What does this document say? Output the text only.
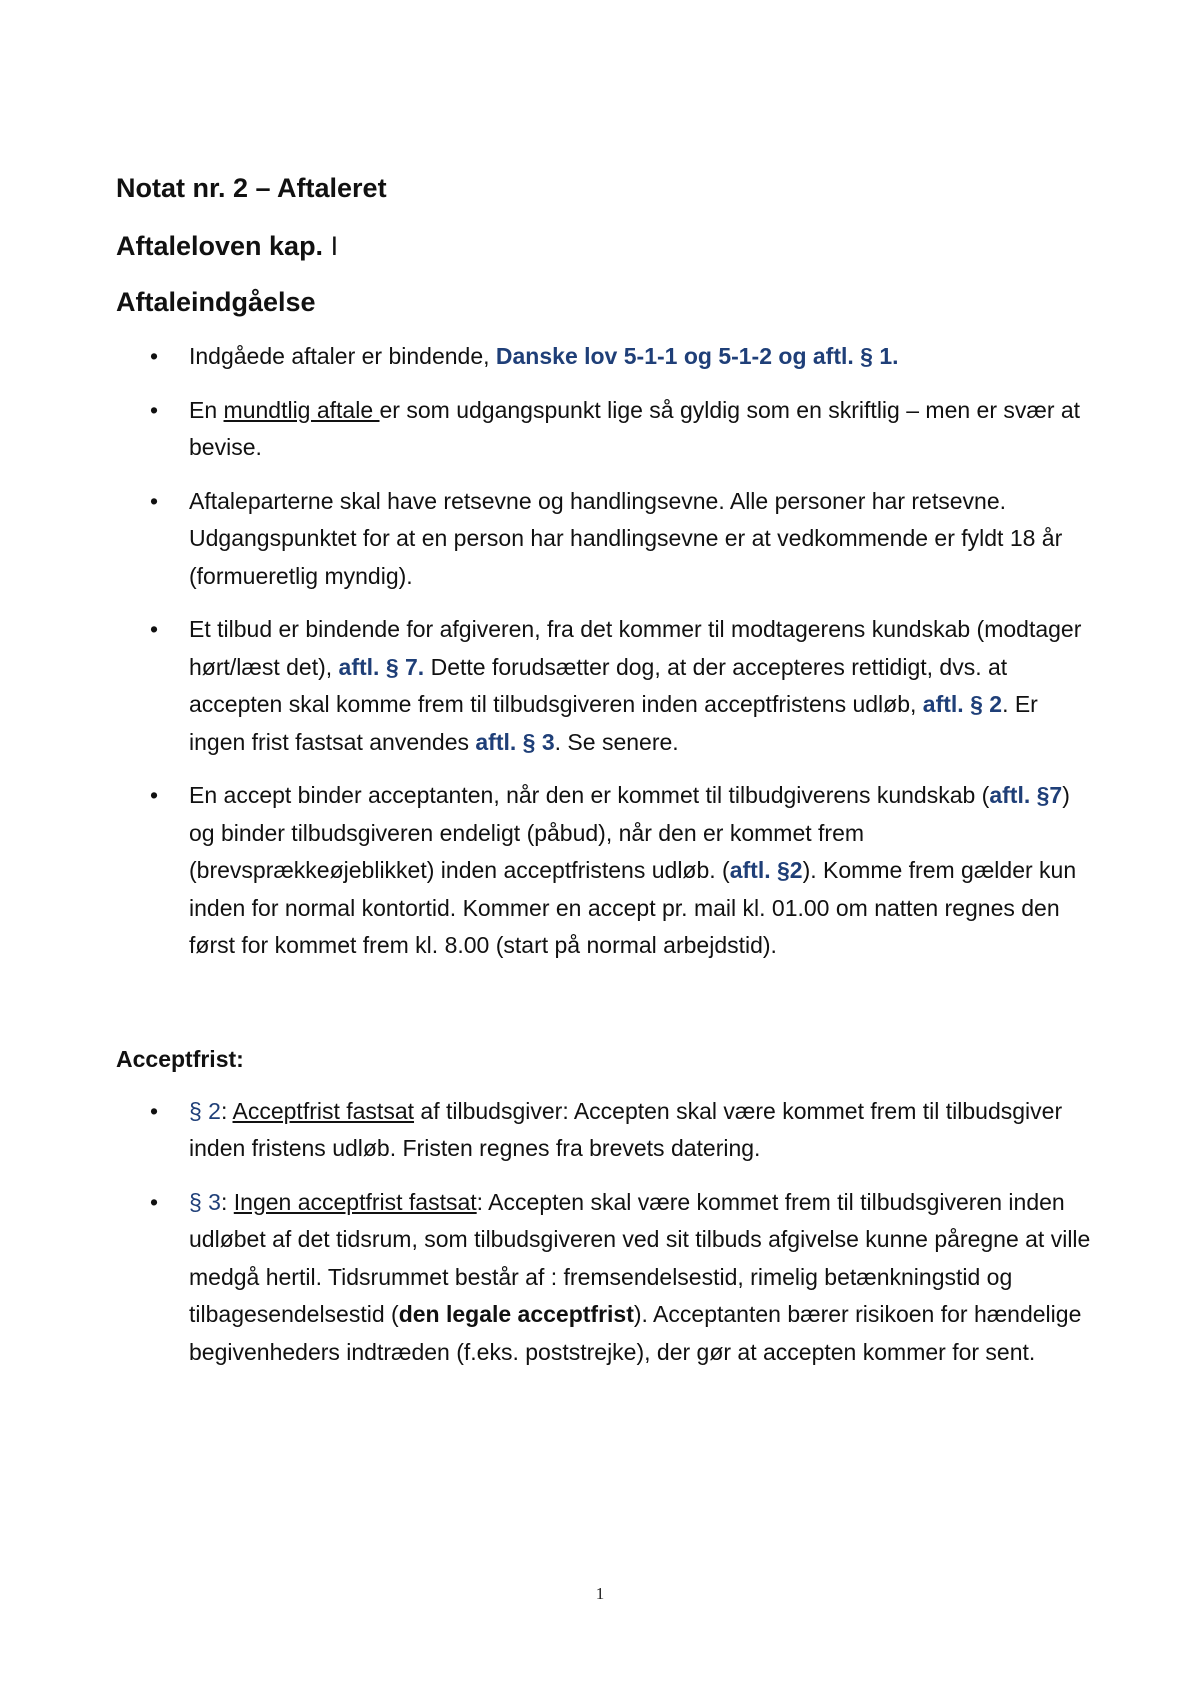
Notat nr. 2 – Aftaleret
Aftaleloven kap. I
Aftaleindgåelse
• Indgåede aftaler er bindende, Danske lov 5-1-1 og 5-1-2 og aftl. § 1.
• En mundtlig aftale er som udgangspunkt lige så gyldig som en skriftlig – men er svær at bevise.
• Aftaleparterne skal have retsevne og handlingsevne. Alle personer har retsevne. Udgangspunktet for at en person har handlingsevne er at vedkommende er fyldt 18 år (formueretlig myndig).
• Et tilbud er bindende for afgiveren, fra det kommer til modtagerens kundskab (modtager hørt/læst det), aftl. § 7. Dette forudsætter dog, at der accepteres rettidigt, dvs. at accepten skal komme frem til tilbudsgiveren inden acceptfristens udløb, aftl. § 2. Er ingen frist fastsat anvendes aftl. § 3. Se senere.
• En accept binder acceptanten, når den er kommet til tilbudgiverens kundskab (aftl. §7) og binder tilbudsgiveren endeligt (påbud), når den er kommet frem (brevsprækkeøjeblikket) inden acceptfristens udløb. (aftl. §2). Komme frem gælder kun inden for normal kontortid. Kommer en accept pr. mail kl. 01.00 om natten regnes den først for kommet frem kl. 8.00 (start på normal arbejdstid).
Acceptfrist:
• § 2: Acceptfrist fastsat af tilbudsgiver: Accepten skal være kommet frem til tilbudsgiver inden fristens udløb. Fristen regnes fra brevets datering.
• § 3: Ingen acceptfrist fastsat: Accepten skal være kommet frem til tilbudsgiveren inden udløbet af det tidsrum, som tilbudsgiveren ved sit tilbuds afgivelse kunne påregne at ville medgå hertil. Tidsrummet består af : fremsendelsestid, rimelig betænkningstid og tilbagesendelsestid (den legale acceptfrist). Acceptanten bærer risikoen for hændelige begivenheders indtræden (f.eks. poststrejke), der gør at accepten kommer for sent.
1
